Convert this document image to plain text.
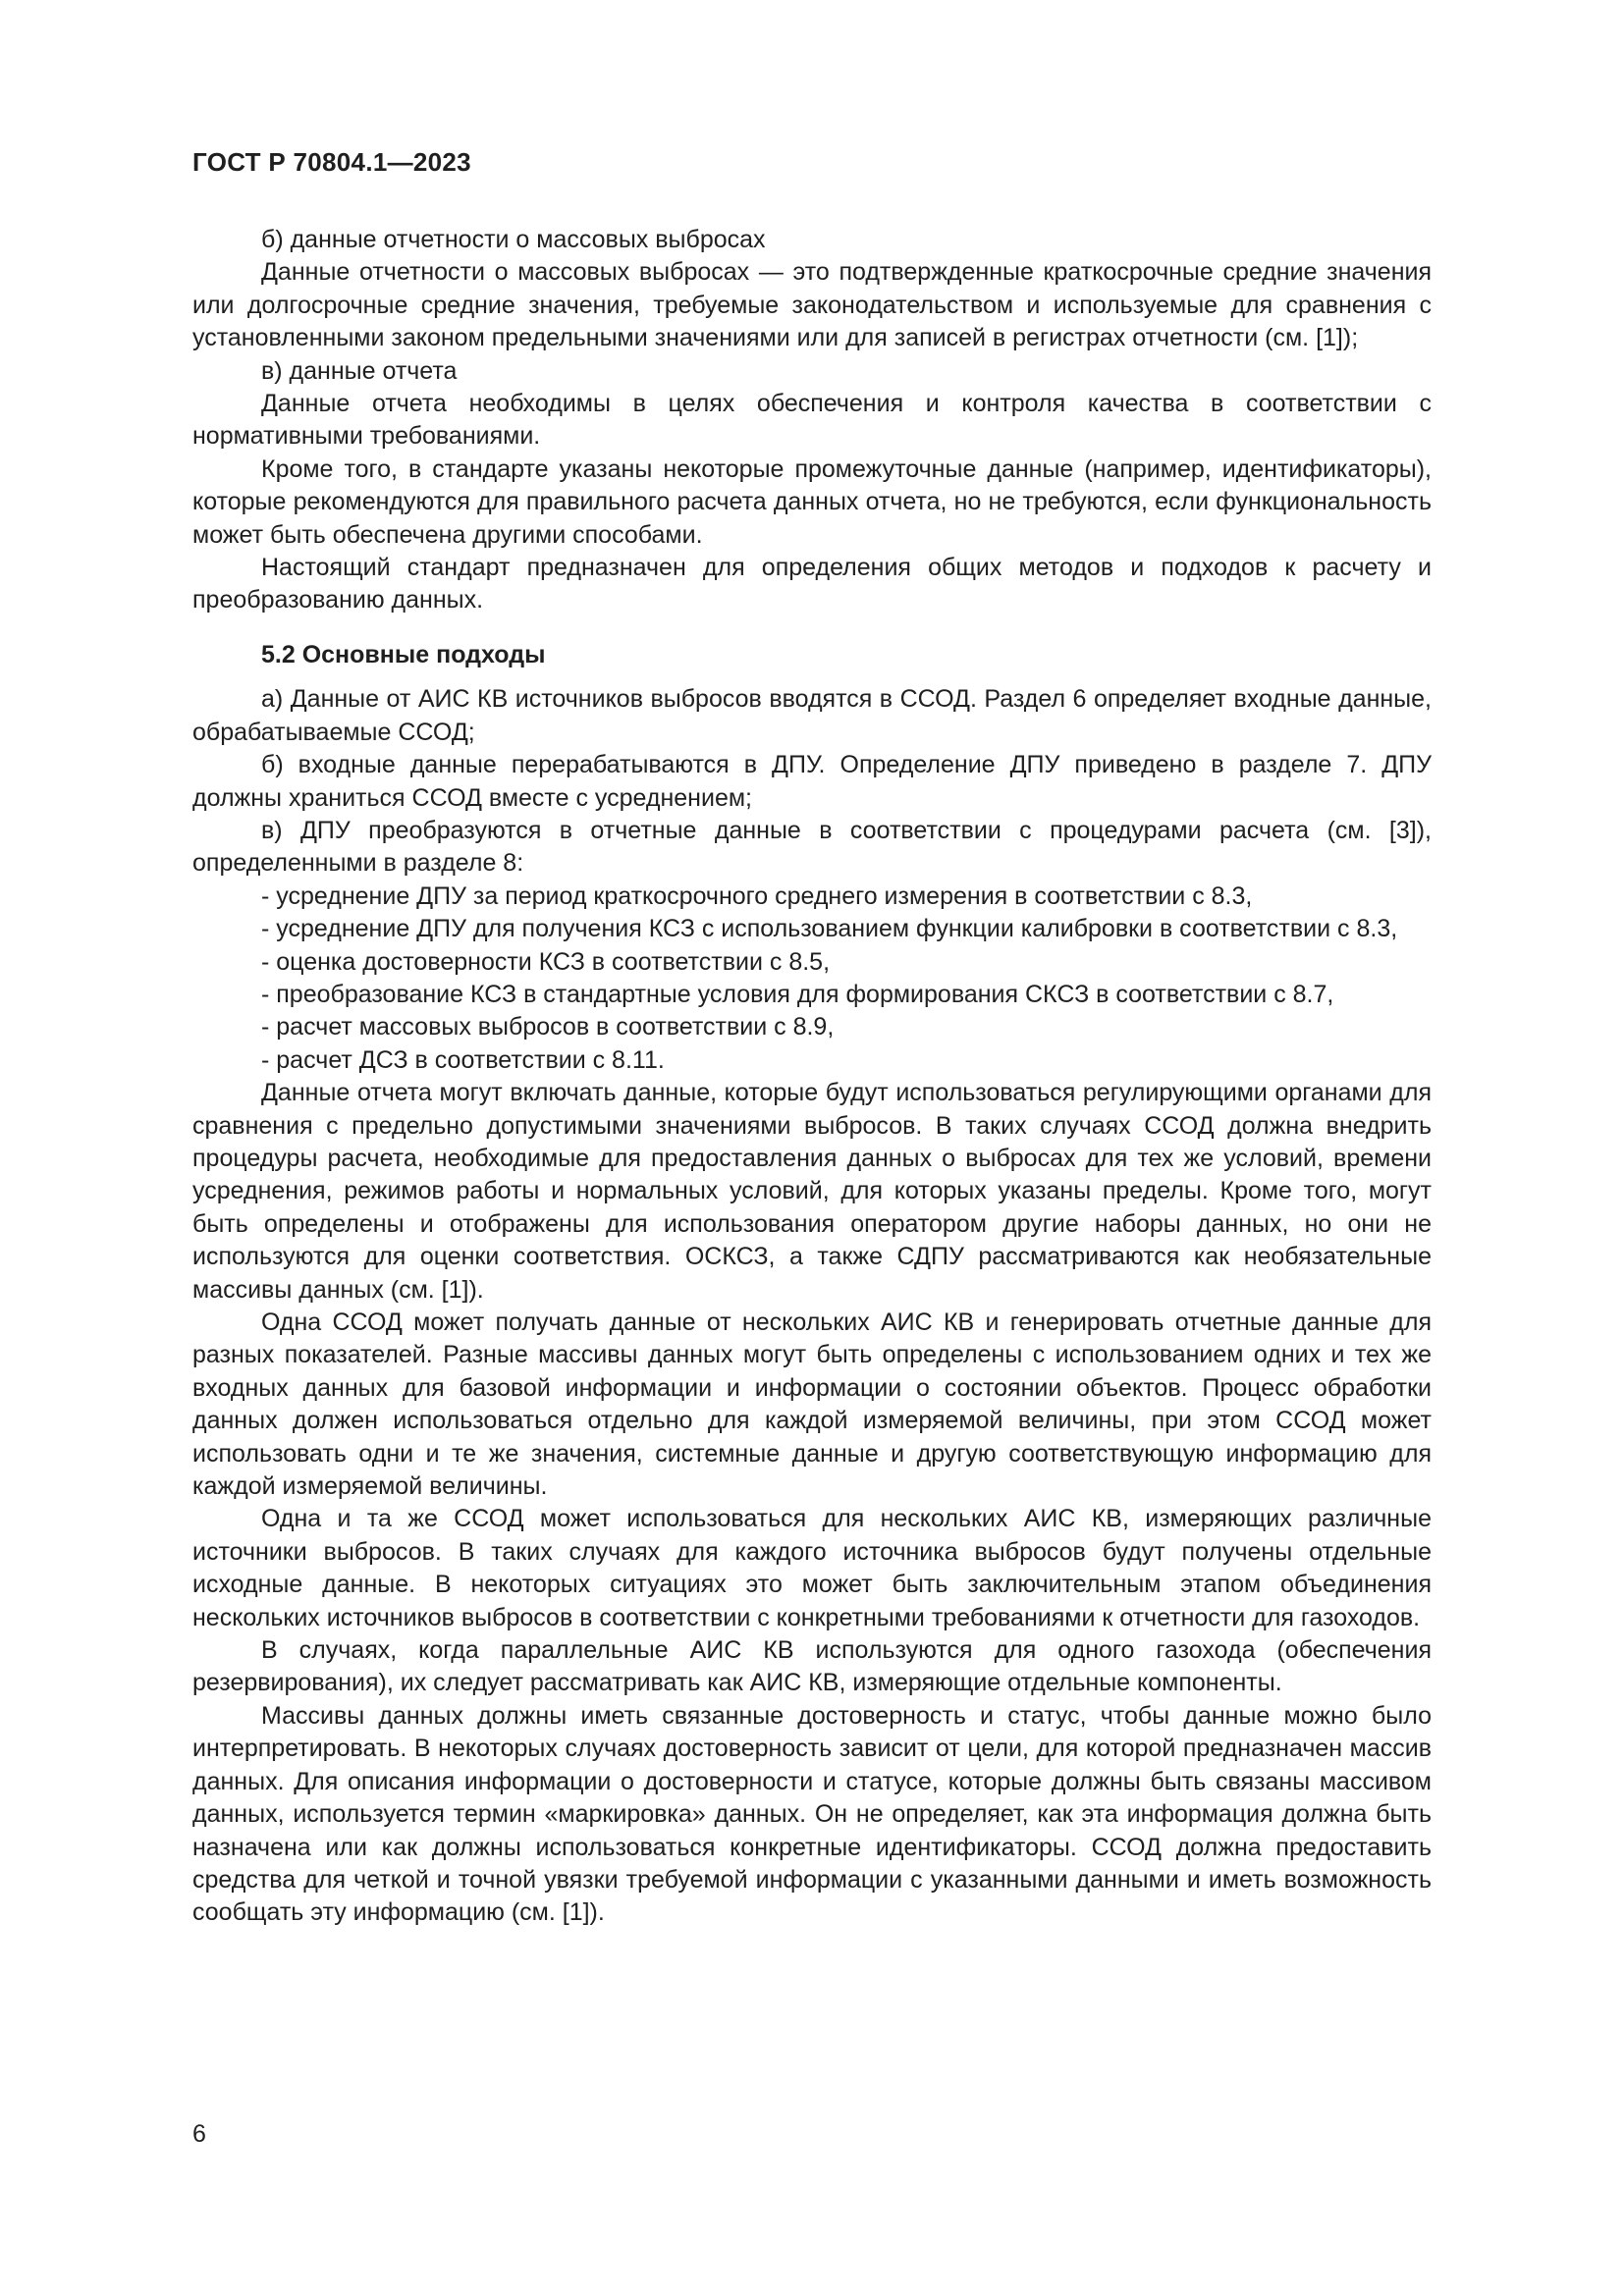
ГОСТ Р 70804.1—2023

б) данные отчетности о массовых выбросах

Данные отчетности о массовых выбросах — это подтвержденные краткосрочные средние значения или долгосрочные средние значения, требуемые законодательством и используемые для сравнения с установленными законом предельными значениями или для записей в регистрах отчетности (см. [1]);

в) данные отчета

Данные отчета необходимы в целях обеспечения и контроля качества в соответствии с нормативными требованиями.

Кроме того, в стандарте указаны некоторые промежуточные данные (например, идентификаторы), которые рекомендуются для правильного расчета данных отчета, но не требуются, если функциональность может быть обеспечена другими способами.

Настоящий стандарт предназначен для определения общих методов и подходов к расчету и преобразованию данных.

5.2 Основные подходы

а) Данные от АИС КВ источников выбросов вводятся в ССОД. Раздел 6 определяет входные данные, обрабатываемые ССОД;

б) входные данные перерабатываются в ДПУ. Определение ДПУ приведено в разделе 7. ДПУ должны храниться ССОД вместе с усреднением;

в) ДПУ преобразуются в отчетные данные в соответствии с процедурами расчета (см. [3]), определенными в разделе 8:

- усреднение ДПУ за период краткосрочного среднего измерения в соответствии с 8.3,

- усреднение ДПУ для получения КСЗ с использованием функции калибровки в соответствии с 8.3,

- оценка достоверности КСЗ в соответствии с 8.5,

- преобразование КСЗ в стандартные условия для формирования СКСЗ в соответствии с 8.7,

- расчет массовых выбросов в соответствии с 8.9,

- расчет ДСЗ в соответствии с 8.11.

Данные отчета могут включать данные, которые будут использоваться регулирующими органами для сравнения с предельно допустимыми значениями выбросов. В таких случаях ССОД должна внедрить процедуры расчета, необходимые для предоставления данных о выбросах для тех же условий, времени усреднения, режимов работы и нормальных условий, для которых указаны пределы. Кроме того, могут быть определены и отображены для использования оператором другие наборы данных, но они не используются для оценки соответствия. ОСКСЗ, а также СДПУ рассматриваются как необязательные массивы данных (см. [1]).

Одна ССОД может получать данные от нескольких АИС КВ и генерировать отчетные данные для разных показателей. Разные массивы данных могут быть определены с использованием одних и тех же входных данных для базовой информации и информации о состоянии объектов. Процесс обработки данных должен использоваться отдельно для каждой измеряемой величины, при этом ССОД может использовать одни и те же значения, системные данные и другую соответствующую информацию для каждой измеряемой величины.

Одна и та же ССОД может использоваться для нескольких АИС КВ, измеряющих различные источники выбросов. В таких случаях для каждого источника выбросов будут получены отдельные исходные данные. В некоторых ситуациях это может быть заключительным этапом объединения нескольких источников выбросов в соответствии с конкретными требованиями к отчетности для газоходов.

В случаях, когда параллельные АИС КВ используются для одного газохода (обеспечения резервирования), их следует рассматривать как АИС КВ, измеряющие отдельные компоненты.

Массивы данных должны иметь связанные достоверность и статус, чтобы данные можно было интерпретировать. В некоторых случаях достоверность зависит от цели, для которой предназначен массив данных. Для описания информации о достоверности и статусе, которые должны быть связаны массивом данных, используется термин «маркировка» данных. Он не определяет, как эта информация должна быть назначена или как должны использоваться конкретные идентификаторы. ССОД должна предоставить средства для четкой и точной увязки требуемой информации с указанными данными и иметь возможность сообщать эту информацию (см. [1]).

6
